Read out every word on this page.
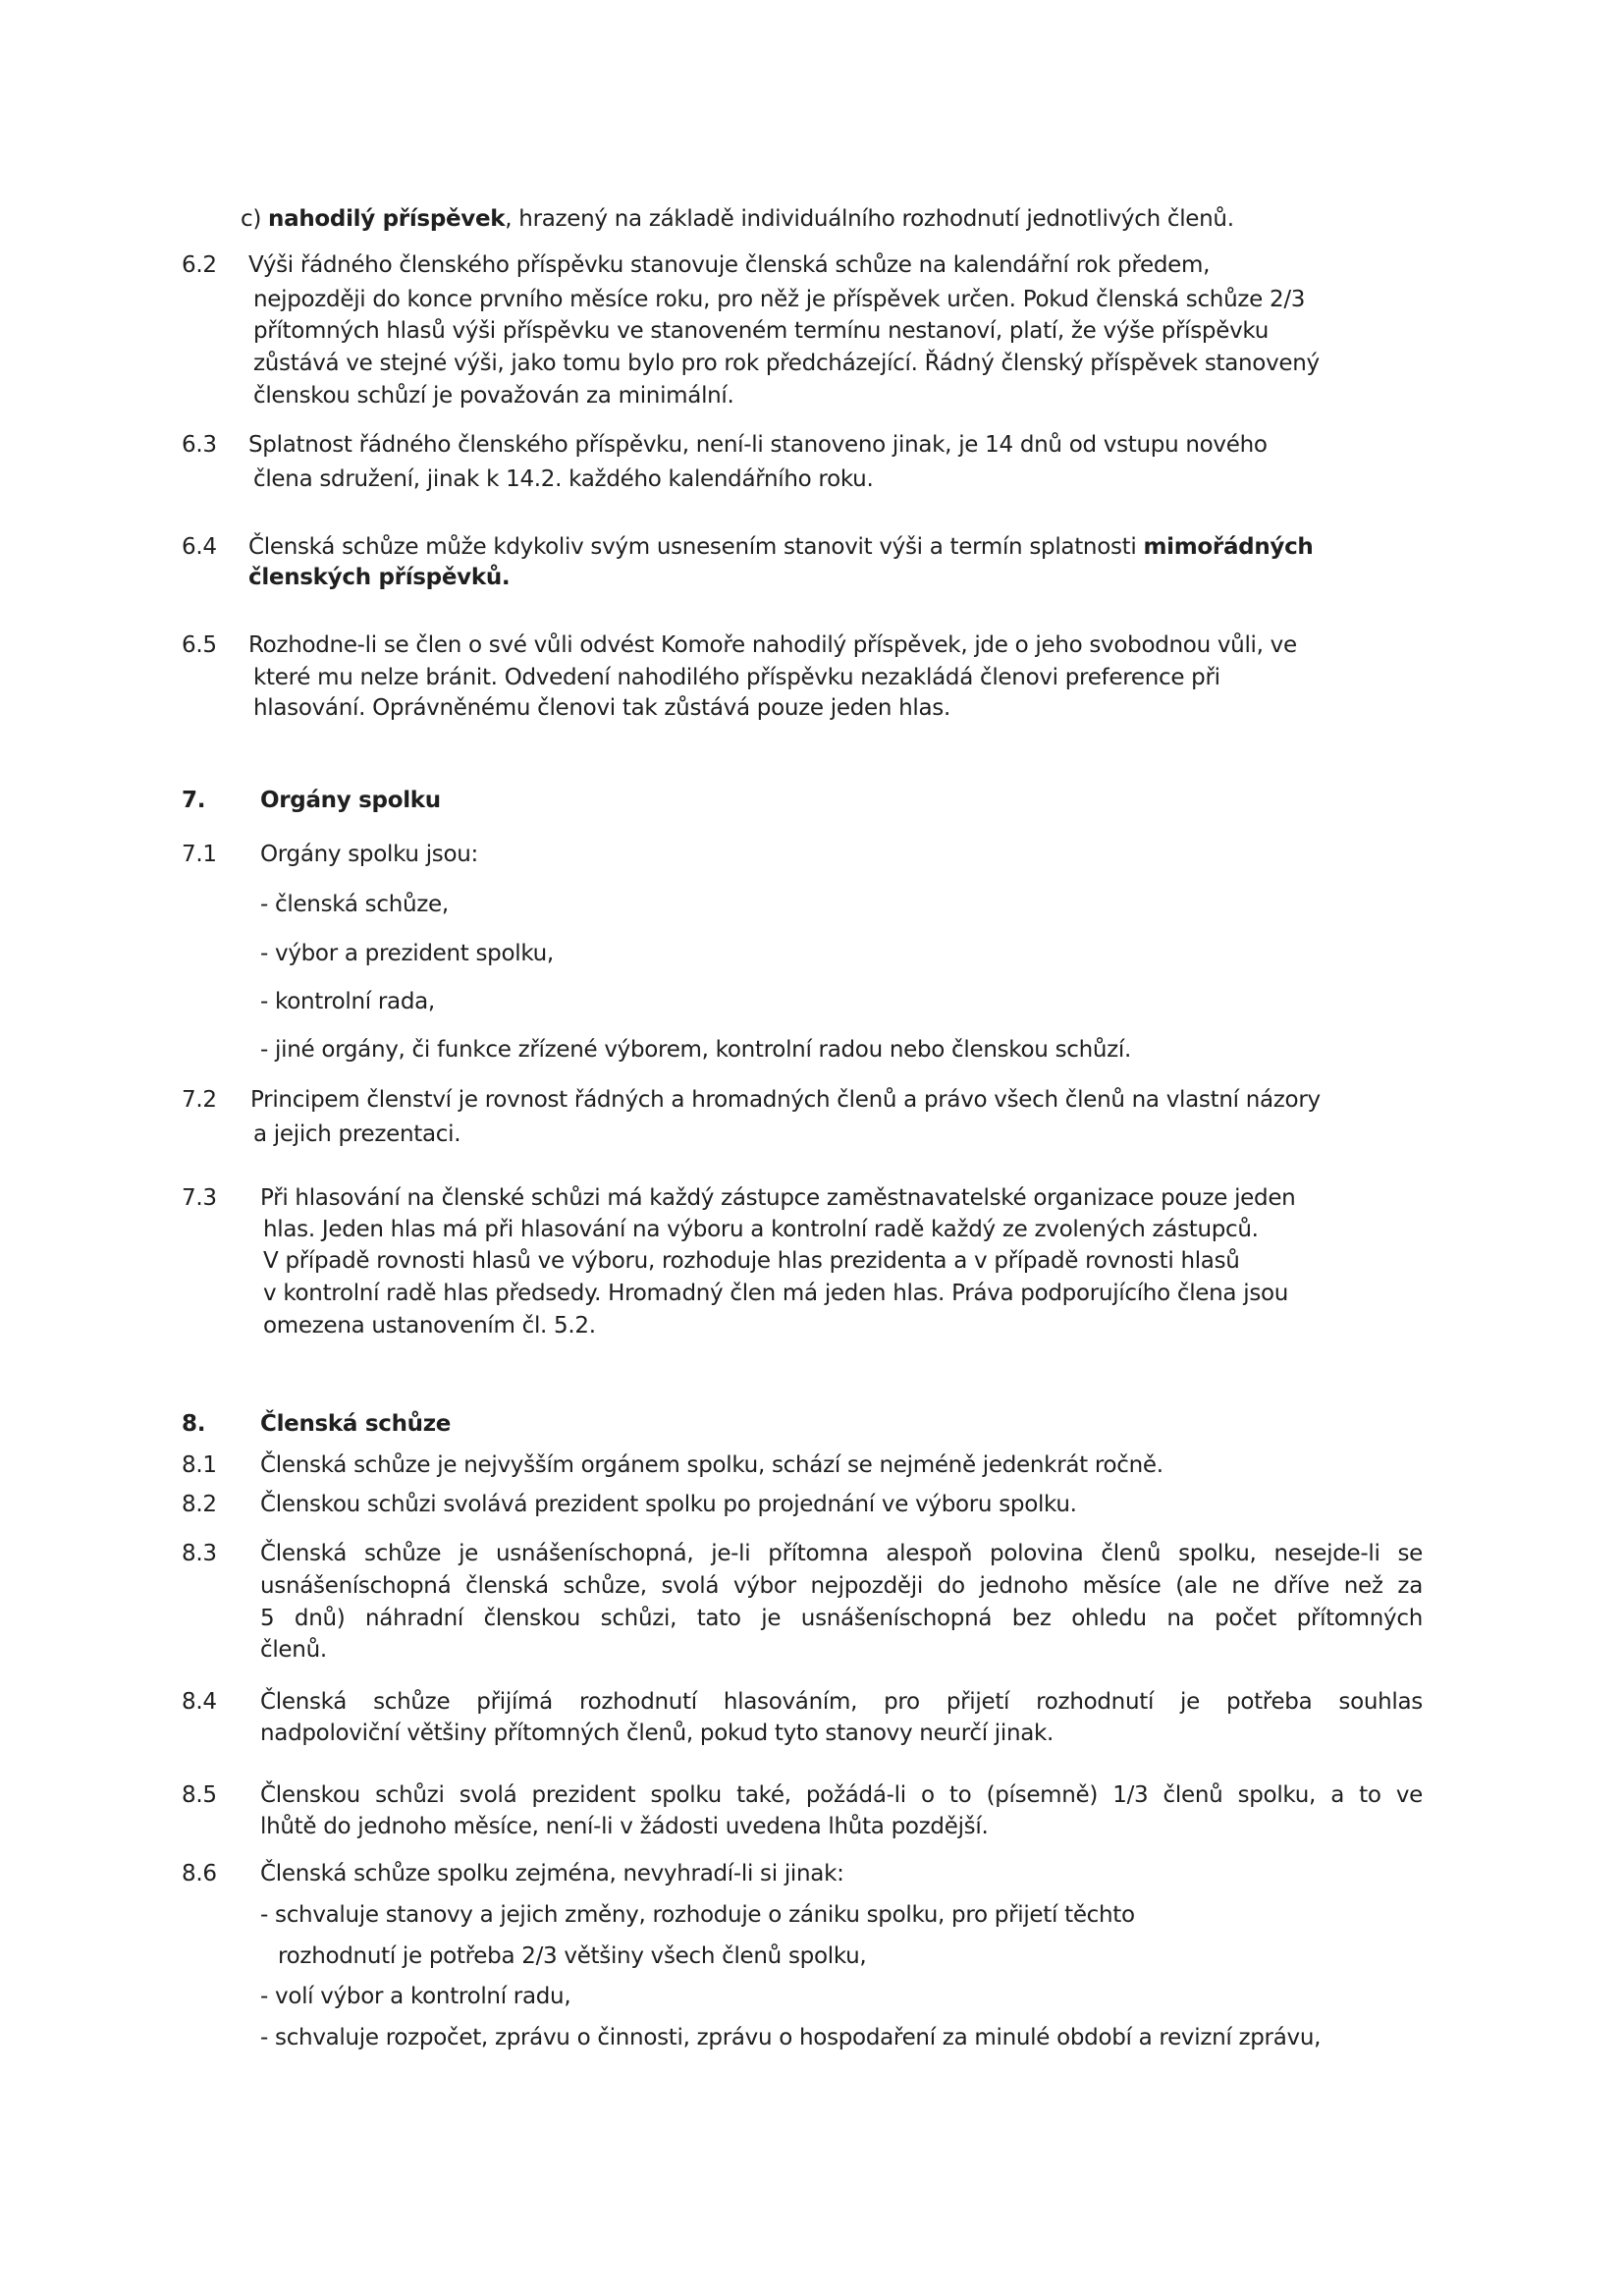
c) nahodilý příspěvek, hrazený na základě individuálního rozhodnutí jednotlivých členů.
6.2 Výši řádného členského příspěvku stanovuje členská schůze na kalendářní rok předem,
nejpozději do konce prvního měsíce roku, pro něž je příspěvek určen. Pokud členská schůze 2/3
přítomných hlasů výši příspěvku ve stanoveném termínu nestanoví, platí, že výše příspěvku
zůstává ve stejné výši, jako tomu bylo pro rok předcházející. Řádný členský příspěvek stanovený
členskou schůzí je považován za minimální.
6.3 Splatnost řádného členského příspěvku, není-li stanoveno jinak, je 14 dnů od vstupu nového
člena sdružení, jinak k 14.2. každého kalendářního roku.
6.4 Členská schůze může kdykoliv svým usnesením stanovit výši a termín splatnosti mimořádných
členských příspěvků.
6.5 Rozhodne-li se člen o své vůli odvést Komoře nahodilý příspěvek, jde o jeho svobodnou vůli, ve
které mu nelze bránit. Odvedení nahodilého příspěvku nezakládá členovi preference při
hlasování. Oprávněnému členovi tak zůstává pouze jeden hlas.
7. Orgány spolku
7.1 Orgány spolku jsou:
- členská schůze,
- výbor a prezident spolku,
- kontrolní rada,
- jiné orgány, či funkce zřízené výborem, kontrolní radou nebo členskou schůzí.
7.2 Principem členství je rovnost řádných a hromadných členů a právo všech členů na vlastní názory
a jejich prezentaci.
7.3 Při hlasování na členské schůzi má každý zástupce zaměstnavatelské organizace pouze jeden
hlas. Jeden hlas má při hlasování na výboru a kontrolní radě každý ze zvolených zástupců.
V případě rovnosti hlasů ve výboru, rozhoduje hlas prezidenta a v případě rovnosti hlasů
v kontrolní radě hlas předsedy. Hromadný člen má jeden hlas. Práva podporujícího člena jsou
omezena ustanovením čl. 5.2.
8. Členská schůze
8.1 Členská schůze je nejvyšším orgánem spolku, schází se nejméně jedenkrát ročně.
8.2 Členskou schůzi svolává prezident spolku po projednání ve výboru spolku.
8.3 Členská schůze je usnášeníschopná, je-li přítomna alespoň polovina členů spolku, nesejde-li se
usnášeníschopná členská schůze, svolá výbor nejpozději do jednoho měsíce (ale ne dříve než za
5 dnů) náhradní členskou schůzi, tato je usnášeníschopná bez ohledu na počet přítomných
členů.
8.4 Členská schůze přijímá rozhodnutí hlasováním, pro přijetí rozhodnutí je potřeba souhlas
nadpoloviční většiny přítomných členů, pokud tyto stanovy neurčí jinak.
8.5 Členskou schůzi svolá prezident spolku také, požádá-li o to (písemně) 1/3 členů spolku, a to ve
lhůtě do jednoho měsíce, není-li v žádosti uvedena lhůta pozdější.
8.6 Členská schůze spolku zejména, nevyhradí-li si jinak:
- schvaluje stanovy a jejich změny, rozhoduje o zániku spolku, pro přijetí těchto
rozhodnutí je potřeba 2/3 většiny všech členů spolku,
- volí výbor a kontrolní radu,
- schvaluje rozpočet, zprávu o činnosti, zprávu o hospodaření za minulé období a revizní zprávu,
